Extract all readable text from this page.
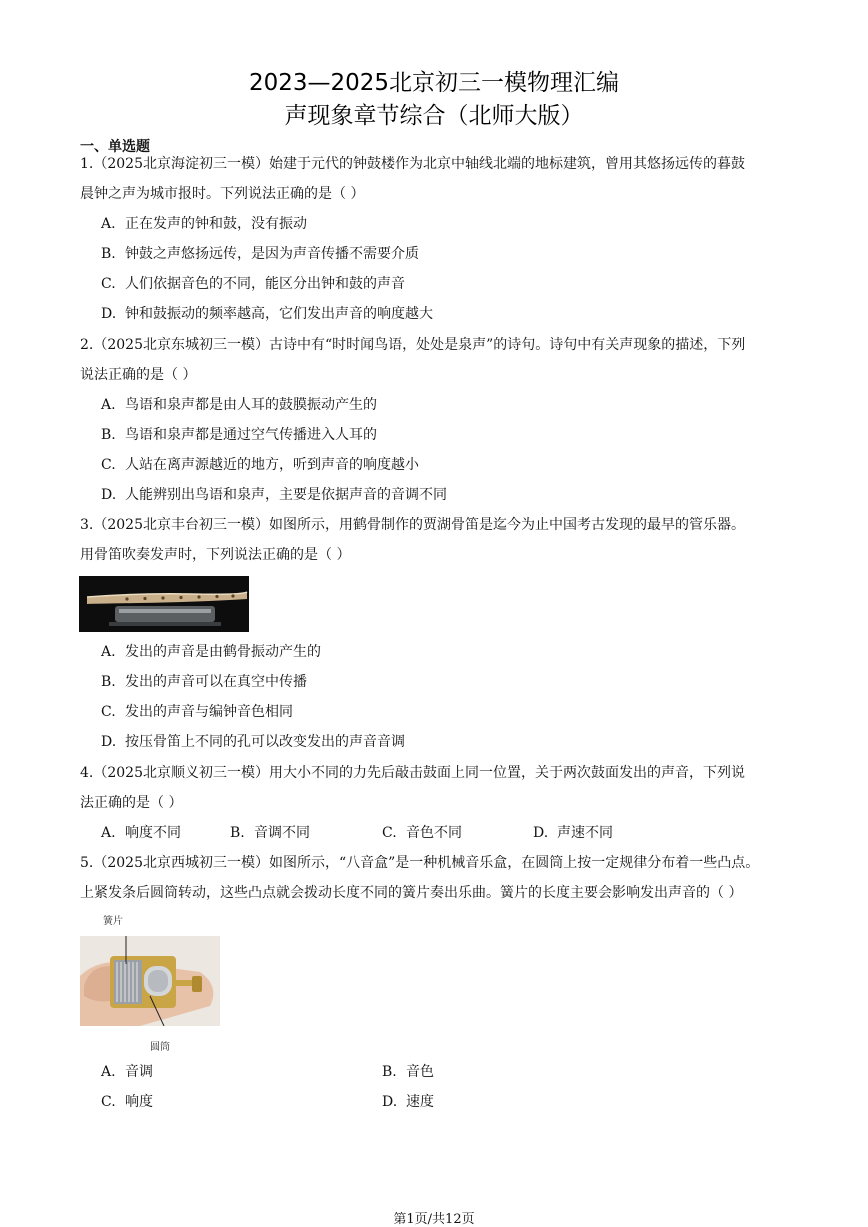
2023—2025北京初三一模物理汇编
声现象章节综合（北师大版）
一、单选题
1.（2025北京海淀初三一模）始建于元代的钟鼓楼作为北京中轴线北端的地标建筑，曾用其悠扬远传的暮鼓
晨钟之声为城市报时。下列说法正确的是（ ）
A. 正在发声的钟和鼓，没有振动
B. 钟鼓之声悠扬远传，是因为声音传播不需要介质
C. 人们依据音色的不同，能区分出钟和鼓的声音
D. 钟和鼓振动的频率越高，它们发出声音的响度越大
2.（2025北京东城初三一模）古诗中有“时时闻鸟语，处处是泉声”的诗句。诗句中有关声现象的描述，下列
说法正确的是（ ）
A. 鸟语和泉声都是由人耳的鼓膜振动产生的
B. 鸟语和泉声都是通过空气传播进入人耳的
C. 人站在离声源越近的地方，听到声音的响度越小
D. 人能辨别出鸟语和泉声，主要是依据声音的音调不同
3.（2025北京丰台初三一模）如图所示，用鹤骨制作的贾湖骨笛是迄今为止中国考古发现的最早的管乐器。
用骨笛吹奏发声时，下列说法正确的是（ ）
A. 发出的声音是由鹤骨振动产生的
B. 发出的声音可以在真空中传播
C. 发出的声音与编钟音色相同
D. 按压骨笛上不同的孔可以改变发出的声音音调
4.（2025北京顺义初三一模）用大小不同的力先后敲击鼓面上同一位置，关于两次鼓面发出的声音，下列说
法正确的是（ ）
A. 响度不同	B. 音调不同	C. 音色不同	D. 声速不同
5.（2025北京西城初三一模）如图所示，“八音盒”是一种机械音乐盒，在圆筒上按一定规律分布着一些凸点。
上紧发条后圆筒转动，这些凸点就会拨动长度不同的簧片奏出乐曲。簧片的长度主要会影响发出声音的（ ）
簧片
圆筒
A. 音调	B. 音色
C. 响度	D. 速度
第1页/共12页
